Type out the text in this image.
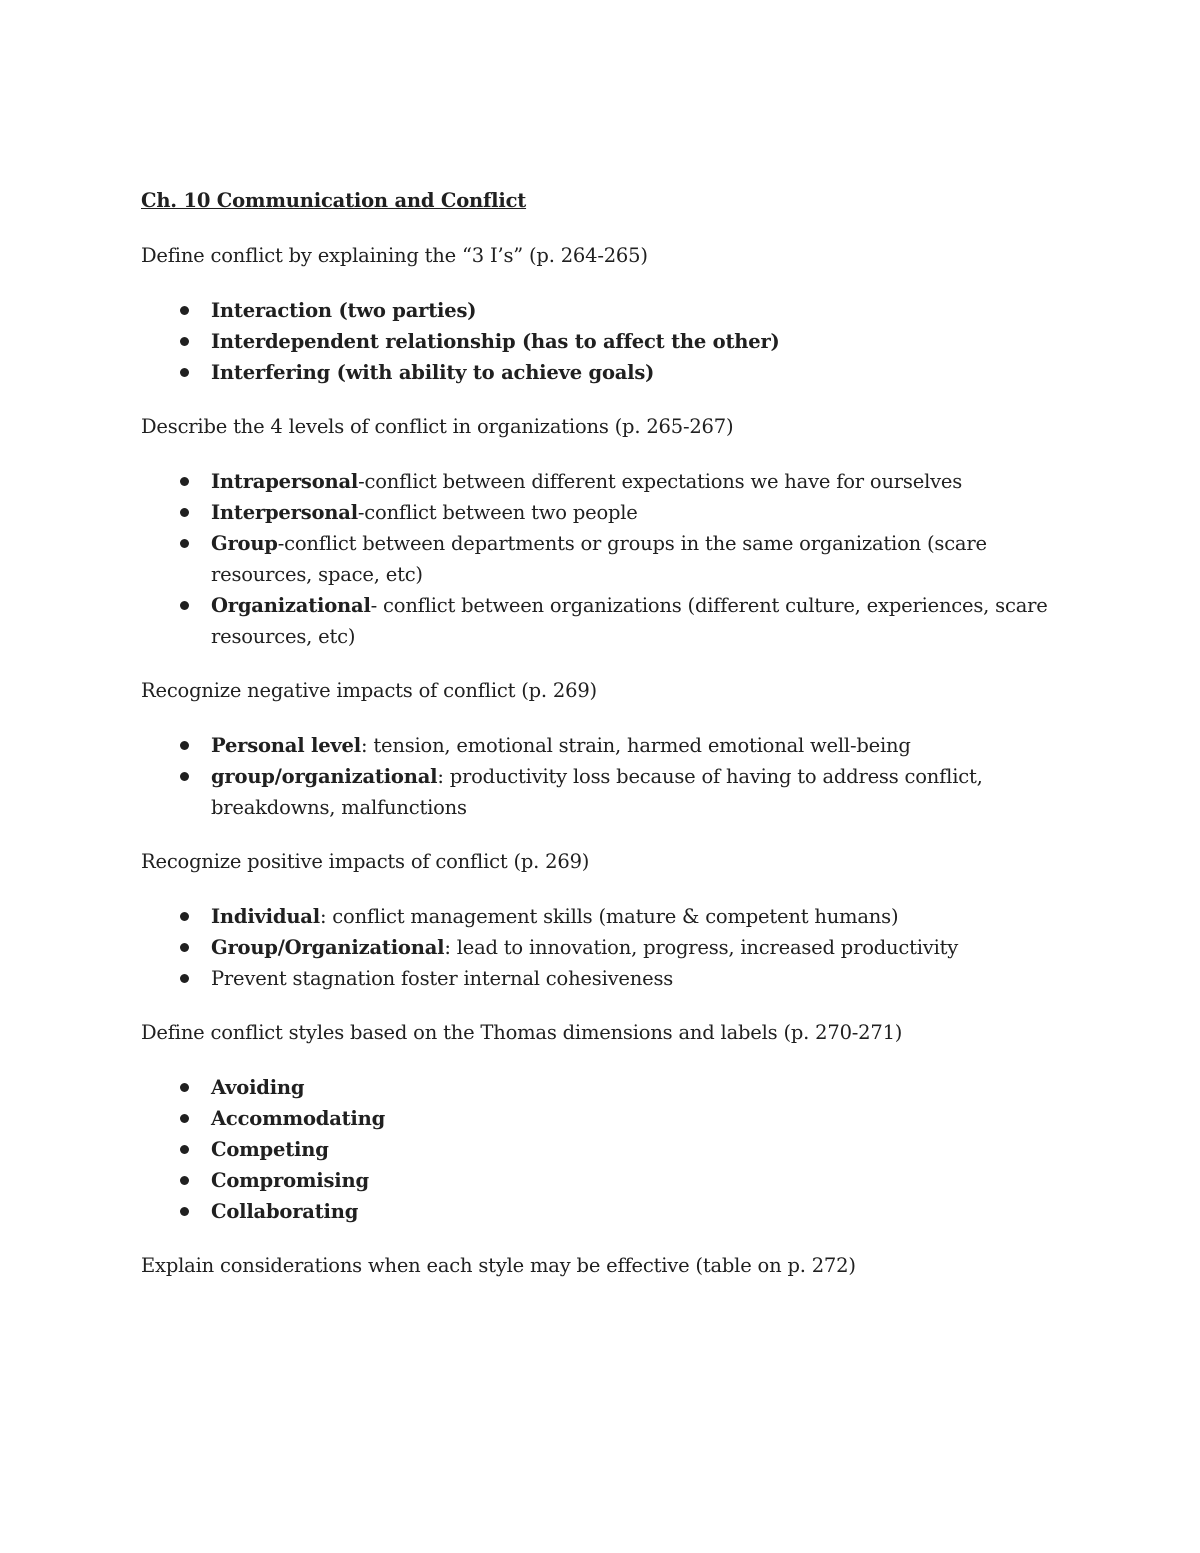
Ch. 10 Communication and Conflict

Define conflict by explaining the “3 I’s” (p. 264-265)

Interaction (two parties)
Interdependent relationship (has to affect the other)
Interfering (with ability to achieve goals)

Describe the 4 levels of conflict in organizations (p. 265-267)

Intrapersonal-conflict between different expectations we have for ourselves
Interpersonal-conflict between two people
Group-conflict between departments or groups in the same organization (scare resources, space, etc)
Organizational- conflict between organizations (different culture, experiences, scare resources, etc)

Recognize negative impacts of conflict (p. 269)

Personal level: tension, emotional strain, harmed emotional well-being
group/organizational: productivity loss because of having to address conflict, breakdowns, malfunctions

Recognize positive impacts of conflict (p. 269)

Individual: conflict management skills (mature & competent humans)
Group/Organizational: lead to innovation, progress, increased productivity
Prevent stagnation foster internal cohesiveness

Define conflict styles based on the Thomas dimensions and labels (p. 270-271)

Avoiding
Accommodating
Competing
Compromising
Collaborating

Explain considerations when each style may be effective (table on p. 272)
